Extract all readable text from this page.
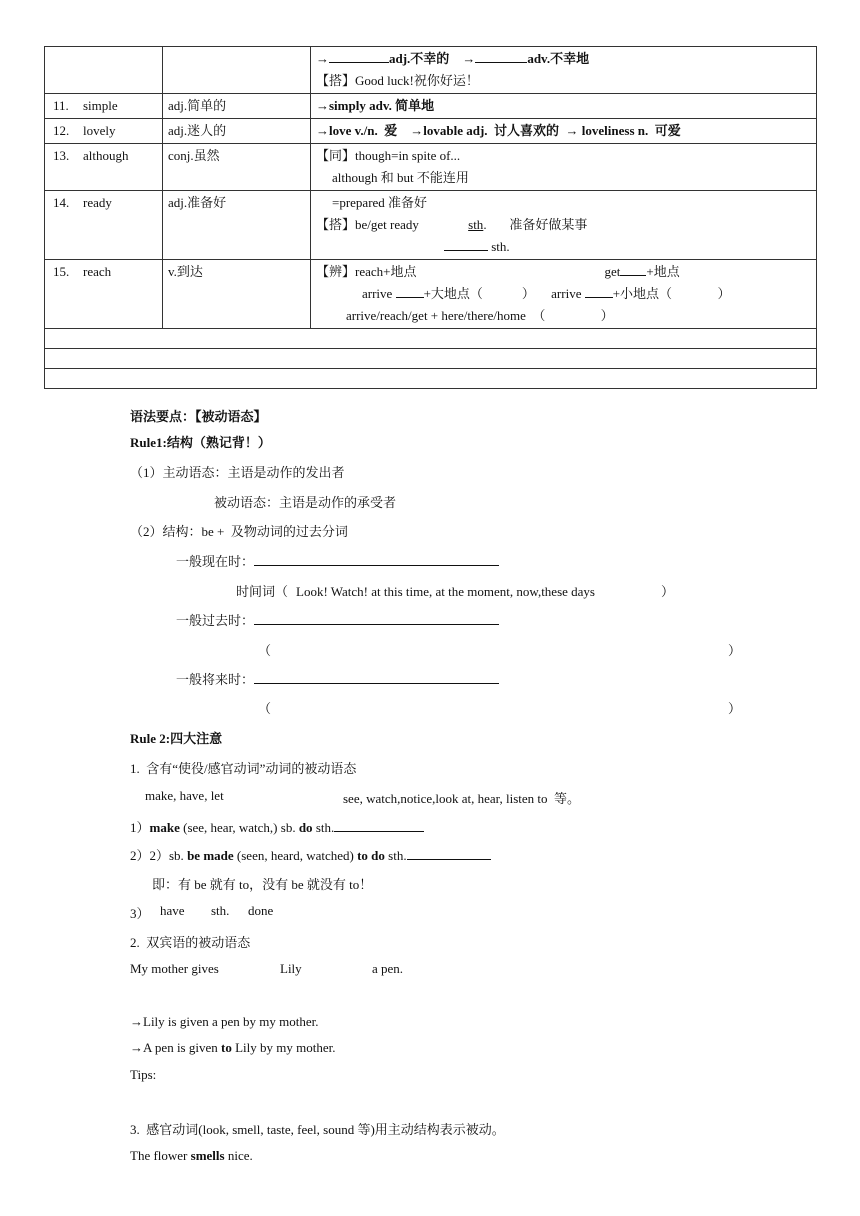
		→ adj.不幸的 → adv.不幸地
【搭】Good luck!祝你好运！

11. simple	adj.简单的	→simply adv. 简单地
12. lovely	adj.迷人的	→love v./n.  爱    →lovable adj.  讨人喜欢的  → loveliness n.  可爱
13. although	conj.虽然	【同】though=in spite of...
although 和 but 不能连用

14. ready	adj.准备好	=prepared 准备好
【搭】be/get ready sth.       准备好做某事
sth.

15. reach	v.到达	【辨】reach+地点 get +地点
arrive +大地点（            ） arrive +小地点（              ）
arrive/reach/get + here/there/home  （                 ）

语法要点：【被动语态】
Rule1:结构（熟记背！）
（1）主动语态：主语是动作的发出者
被动语态：主语是动作的承受者
（2）结构：be +  及物动词的过去分词
一般现在时：
时间词（ Look! Watch! at this time, at the moment, now,these days	）
一般过去时：
（	）
一般将来时：
（	）
Rule 2:四大注意
1.  含有“使役/感官动词”动词的被动语态
make, have, let	see, watch,notice,look at, hear, listen to  等。
1）make (see, hear, watch,) sb. do sth.
2）2）sb. be made (seen, heard, watched) to do sth.
即：有 be 就有 to，没有 be 就没有 to！
3） have sth. done
2.  双宾语的被动语态
My mother gives	Lily	a pen.
→Lily is given a pen by my mother.
→A pen is given to Lily by my mother.
Tips:
3.  感官动词(look, smell, taste, feel, sound 等)用主动结构表示被动。
The flower smells nice.
